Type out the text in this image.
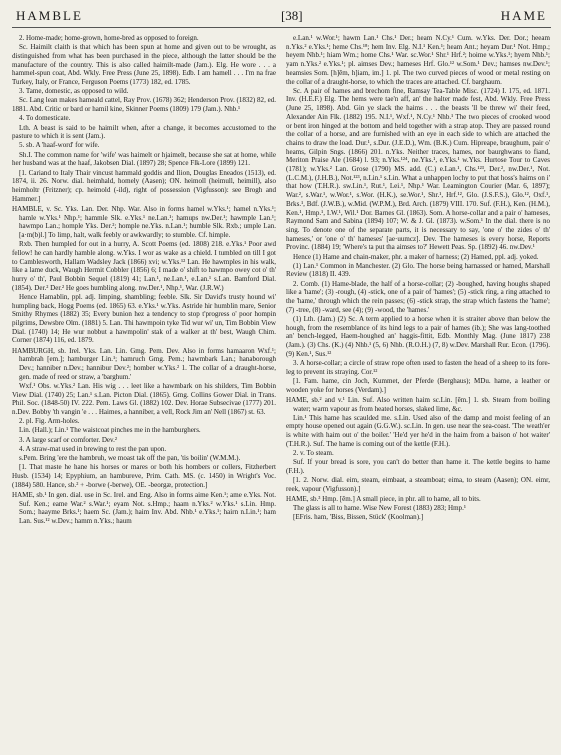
HAMBLE	[38]	HAME

2. Home-made; home-grown, home-bred as opposed to foreign.

Sc. Haimilt claith is that which has been spun at home and given out to be wrought, as distinguished from what has been purchased in the piece, although the latter should be the manufacture of the country. This is also called haimilt-made (Jam.). Elg. He wore . . . a hammel-spun coat, Abd. Wkly. Free Press (June 25, 1898). Edb. I am hamell . . . I'm na frae Turkey, Italy, or France, Ferguson Poems (1773) 182, ed. 1785.

3. Tame, domestic, as opposed to wild.

Sc. Lang lean makes hameald cattel, Ray Prov. (1678) 362; Henderson Prov. (1832) 82, ed. 1881. Abd. Critic or bard or hamil kine, Skinner Poems (1809) 179 (Jam.). Nhb.¹

4. To domesticate.

Lth. A beast is said to be haimilt when, after a change, it becomes accustomed to the pasture to which it is sent (Jam.).

5. sb. A 'haaf-word' for wife.

Sh.I. The common name for 'wife' was haimelt or hjaimelt, because she sat at home, while her husband was at the haaf, Jakobsen Dial. (1897) 28; Spence Flk-Lore (1899) 121.

[1. Cariand to Italy Thair vincust hammald goddis and Ilion, Douglas Eneados (1513), ed. 1874, ii. 26. Norw. dial. heimhald, homely (Aasen); ON. heimoll (heimull, heimill), also heimholtr (Fritzner); cp. heimold (-ild), right of possession (Vigfusson): see Brogh and Hammer.]

HAMBLE, v. Sc. Yks. Lan. Der. Nhp. War. Also in forms hamel w.Yks.¹; hamel n.Yks.¹; hamle w.Yks.¹ Nhp.¹; hammle Slk. e.Yks.¹ ne.Lan.¹; hamups nw.Der.¹; hawmple Lan.¹; hawmpo Lan.; homple Yks. Der.²; homple ne.Yks. n.Lan.¹; humble Slk. Rxb.; umple Lan. [a·m(b)l.] To limp, halt, walk feebly or awkwardly; to stumble. Cf. himple.

Rxb. Then humpled for out in a hurry, A. Scott Poems (ed. 1808) 218. e.Yks.¹ Poor awd fellow! he can hardly hamble along. w.Yks. I wor as wake as a chield. I tumbled on till I got to Camblesworth, Hallam Wadsley Jack (1866) xvi; w.Yks.¹² Lan. He hawmples in his walk, like a lame duck, Waugh Hermit Cobbler (1856) 6; I made o' shift to hawmpo owey cot o' th' hurry o' th', Paul Bobbin Sequel (1819) 41; Lan.¹, ne.Lan.¹, e.Lan.¹ s.Lan. Bamford Dial. (1854). Der.² Der.² He goes humbling along. nw.Der.¹, Nhp.¹, War. (J.R.W.)

Hence Hamablin, ppl. adj. limping, shambling; feeble. Slk. Sir David's trusty hound wi' humpling back, Hogg Poems (ed. 1865) 63. e.Yks.¹ w.Yks. Astride hir humblin mare, Senior Smithy Rhymes (1882) 35; Every bunion hez a tendency to stop t'progress o' poor hompin pilgrims, Dewsbre Olm. (1881) 5. Lan. Thi hawmpoin tyke Tid wur wi' un, Tim Bobbin View Dial. (1740) 14; He wur nobbut a hawmpolin' stak of a walker at th' best, Waugh Chim. Corner (1874) 116, ed. 1879.

HAMBURGH, sb. Irel. Yks. Lan. Lin. Gmg. Pem. Dev. Also in forms hamaaron Wxf.¹; hambrah [em.]; hamburger Lin.¹; hamruch Gmg. Pem.; hawmbark Lan.; hanaborough Dev.; hanniber n.Dev.; hannibur Dev.²; homber w.Yks.² 1. The collar of a draught-horse, gen. made of reed or straw, a 'barghum.'

Wxf.¹ Obs. w.Yks.² Lan. His wig . . . leet like a hawmbark on his shilders, Tim Bobbin View Dial. (1740) 25; Lan.¹ s.Lan. Picton Dial. (1865). Gmg. Collins Gower Dial. in Trans. Phil. Soc. (1848-50) IV. 222. Pem. Laws Gl. (1882) 102. Dev. Horae Subsecivae (1777) 201. n.Dev. Bobby 'th vangin 'e . . . Haimes, a hanniber, a vell, Rock Jim an' Nell (1867) st. 63.

2. pl. Fig. Arm-holes.

Lin. (Hall.); Lin.¹ The waistcoat pinches me in the hamburghers.

3. A large scarf or comforter. Dev.²

4. A straw-mat used in brewing to rest the pan upon.

s.Pem. Bring 'ere the hambruh, we moast tak off the pan, 'tis boilin' (W.M.M.).

[1. That maste he hane his horses or mares or both his hombers or collers, Fitzherbert Husb. (1534) 14; Epyphium, an hambureve, Prim. Cath. MS. (c. 1450) in Wright's Voc. (1884) 580. Hance, sb.² + -borwe (-berwe), OE. -beorgæ, protection.]

HAME, sb.¹ In gen. dial. use in Sc. Irel. and Eng. Also in forms aime Ken.¹; ame e.Yks. Not. Suf. Ken.; eame War.² s.War.¹; eyam Not. s.Hmp.; haam n.Yks.² w.Yks.¹ s.Lin. Hmp. Som.; haayme Brks.¹; haem Sc. (Jam.); haim Inv. Abd. Nhb.¹ e.Yks.¹; hairn n.Lin.¹; ham Lan. Sus.¹² w.Dev.; hamm n.Yks.; haum

e.Lan.¹ w.Wor.¹; hawm Lan.¹ Chs.¹ Der.; heam N.Cy.¹ Cum. w.Yks. Der. Dor.; heeam n.Yks.² e.Yks.¹; heme Chs.¹⁸; hem Inv. Elg. N.I.¹ Ken.¹; heam Ant.; heyam Dur.¹ Not. Hmp.; heyem Nhb.¹; hiam Wm.; home Chs.¹ War. sc.Wor.¹ Shr.¹ Hrf.²; hoime w.Yks.¹; hyem Nhb.¹; yam n.Yks.² e.Yks.¹; pl. aimses Dev.; hameses Hrf. Glo.¹² w.Som.¹ Dev.; hamses nw.Dev.¹; heamsies Som. [h]ēm, h]iam, im.] 1. pl. The two curved pieces of wood or metal resting on the collar of a draught-horse, to which the traces are attached. Cf. barghaum.

Sc. A pair of hames and brechom fine, Ramsay Tea-Table Misc. (1724) I. 175, ed. 1871. Inv. (H.E.F.) Elg. The hems were tae'n aff, an' the halter made fest, Abd. Wkly. Free Press (June 25, 1898). Abd. Gin ye slack the haims . . . the beasts 'll be threw wi' their feed, Alexander Ain Flk. (1882) 195. N.I.¹, Wxf.¹, N.Cy.¹ Nhb.¹ The two pieces of crooked wood or bent iron hinged at the bottom and held together with a strap atop. They are passed round the collar of a horse, and are furnished with an eye in each side to which are attached the chains to draw the load. Dur.¹, s.Dur. (J.E.D.), Wm. (B.K.) Cum. Hipreape, braughum, pair o' heams, Gilpin Sngs. (1866) 201. n.Yks. Neither traces, hames, nor baurghwans to fiand, Meriton Praise Ale (1684) l. 93; n.Yks.¹²⁴, ne.Yks.¹, e.Yks.¹ w.Yks. Hurtose Tour to Caves (1781); w.Yks.² Lan. Grose (1790) MS. add. (C.) e.Lan.¹, Chs.¹²³, Der.², nw.Der.¹, Not. (L.C.M.), (J.H.B.), Not.¹²³, n.Lin.¹ s.Lin. What a unhappen lochy to put that hoss's haims on i' that how (T.H.R.). sw.Lin.¹, Rut.¹, Lei.¹, Nhp.¹ War. Leamington Courier (Mar. 6, 1897); War.², s.War.¹, w.Wor.¹, s.Wor. (H.K.), se.Wor.¹, Shr.¹, Hrf.¹², Glo. (J.S.F.S.), Glo.¹², Oxf.¹, Brks.¹, Bdf. (J.W.B.), w.Mid. (W.P.M.), Brd. Arch. (1879) VIII. 170. Suf. (F.H.), Ken. (H.M.), Ken.¹, Hmp.¹, I.W.¹, Wil.¹ Dor. Barnes Gl. (1863). Som. A horse-collar and a pair o' hameses, Raymond Sam and Sabina (1894) 107; W. & J. Gl. (1873). w.Som.¹ In the dial. there is no sing. To denote one of the separate parts, it is necessary to say, 'one o' the zides o' th' hameses,' or 'one o' th' hameses' [ae·uumcz]. Dev. The hameses is every horse, Reports Provinc. (1884) 19; 'Where's ta put tha aimses to?' Hewett Peas. Sp. (1892) 46. nw.Dev.¹

Hence (1) Hame and chain-maker, phr. a maker of harness; (2) Hamed, ppl. adj. yoked.

(1) Lan.¹ Common in Manchester. (2) Glo. The horse being harnassed or hamed, Marshall Review (1818) II. 439.

2. Comb. (1) Hame-blade, the half of a horse-collar; (2) -boughed, having houghs shaped like a 'hame'; (3) -rough, (4) -stick, one of a pair of 'hames'; (5) -stick ring, a ring attached to the 'hame,' through which the rein passes; (6) -stick strap, the strap which fastens the 'hame'; (7) -tree, (8) -ward, see (4); (9) -wood, the 'hames.'

(1) Lth. (Jam.) (2) Sc. A term applied to a horse when it is straiter above than below the hough, from the resemblance of its hind legs to a pair of hames (ib.); She was lang-toothed an' bench-legged, Haem-houghed an' haggis-fittit, Edb. Monthly Mag. (June 1817) 238 (Jam.). (3) Chs. (K.) (4) Nhb.¹ (5, 6) Nhb. (R.O.H.) (7, 8) w.Dev. Marshall Rur. Econ. (1796). (9) Ken.¹, Sus.¹²

3. A horse-collar; a circle of straw rope often used to fasten the head of a sheep to its fore-leg to prevent its straying. Cor.¹²

[1. Fam. hame, cin Joch, Kummet, der Pferde (Berghaus); MDu. hame, a leather or wooden yoke for horses (Verdam).]

HAME, sb.² and v.¹ Lin. Suf. Also written haim sc.Lin. [ēm.] 1. sb. Steam from boiling water; warm vapour as from heated horses, slaked lime, &c.

Lin.¹ This hame has scaulded me. s.Lin. Used also of the damp and moist feeling of an empty house opened out again (G.G.W.). sc.Lin. In gen. use near the sea-coast. 'The weath'er is white with haim out o' the boiler.' 'He'd yer he'd in the haim from a baison o' hot waiter' (T.H.R.). Suf. The hame is coming out of the kettle (F.H.).

2. v. To steam.

Suf. If your bread is sore, you can't do better than hame it. The kettle begins to hame (F.H.).

[1. 2. Norw. dial. eim, steam, eimbaat, a steamboat; eima, to steam (Aasen); ON. eimr, reek, vapour (Vigfusson).]

HAME, sb.³ Hmp. [ēm.] A small piece, in phr. all to hame, all to bits.

The glass is all to hame. Wise New Forest (1883) 283; Hmp.¹

[EFris. ham, 'Biss, Bissen, Stück' (Koolman).]
